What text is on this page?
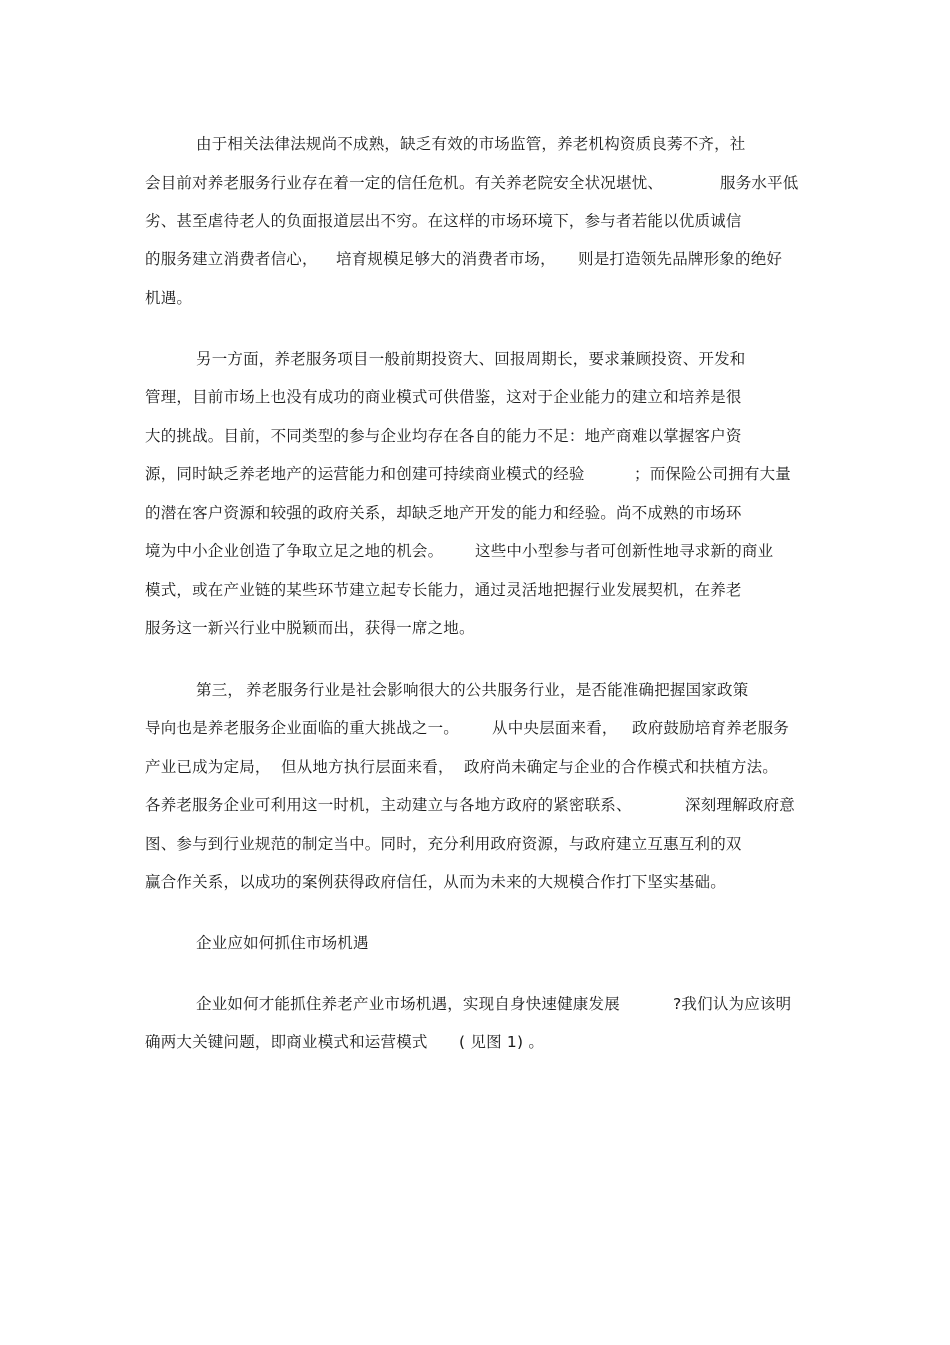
由于相关法律法规尚不成熟，缺乏有效的市场监管，养老机构资质良莠不齐，社
会目前对养老服务行业存在着一定的信任危机。有关养老院安全状况堪忧、	服务水平低
劣、甚至虐待老人的负面报道层出不穷。在这样的市场环境下，参与者若能以优质诚信
的服务建立消费者信心， 培育规模足够大的消费者市场， 则是打造领先品牌形象的绝好
机遇。
另一方面，养老服务项目一般前期投资大、回报周期长，要求兼顾投资、开发和
管理，目前市场上也没有成功的商业模式可供借鉴，这对于企业能力的建立和培养是很
大的挑战。目前，不同类型的参与企业均存在各自的能力不足：地产商难以掌握客户资
源，同时缺乏养老地产的运营能力和创建可持续商业模式的经验	；而保险公司拥有大量
的潜在客户资源和较强的政府关系，却缺乏地产开发的能力和经验。尚不成熟的市场环
境为中小企业创造了争取立足之地的机会。 这些中小型参与者可创新性地寻求新的商业
模式，或在产业链的某些环节建立起专长能力，通过灵活地把握行业发展契机，在养老
服务这一新兴行业中脱颖而出，获得一席之地。
第三， 养老服务行业是社会影响很大的公共服务行业，是否能准确把握国家政策
导向也是养老服务企业面临的重大挑战之一。 从中央层面来看， 政府鼓励培育养老服务
产业已成为定局， 但从地方执行层面来看， 政府尚未确定与企业的合作模式和扶植方法。
各养老服务企业可利用这一时机，主动建立与各地方政府的紧密联系、	深刻理解政府意
图、参与到行业规范的制定当中。同时，充分利用政府资源，与政府建立互惠互利的双
赢合作关系，以成功的案例获得政府信任，从而为未来的大规模合作打下坚实基础。
企业应如何抓住市场机遇
企业如何才能抓住养老产业市场机遇，实现自身快速健康发展	?我们认为应该明
确两大关键问题，即商业模式和运营模式 ( 见图 1) 。
